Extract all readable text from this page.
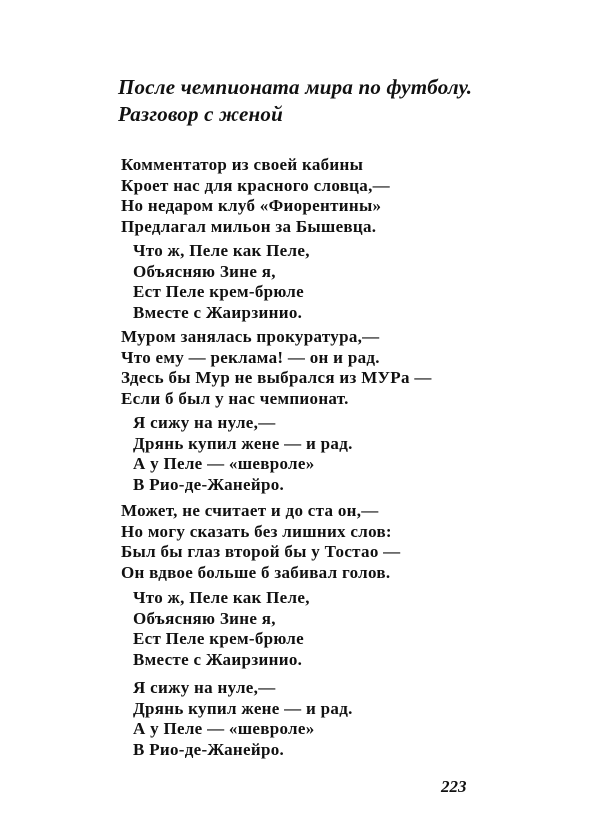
После чемпионата мира по футболу.
Разговор с женой
Комментатор из своей кабины
Кроет нас для красного словца,—
Но недаром клуб «Фиорентины»
Предлагал мильон за Бышевца.
Что ж, Пеле как Пеле,
Объясняю Зине я,
Ест Пеле крем-брюле
Вместе с Жаирзинио.
Муром занялась прокуратура,—
Что ему — реклама! — он и рад.
Здесь бы Мур не выбрался из МУРа —
Если б был у нас чемпионат.
Я сижу на нуле,—
Дрянь купил жене — и рад.
А у Пеле — «шевроле»
В Рио-де-Жанейро.
Может, не считает и до ста он,—
Но могу сказать без лишних слов:
Был бы глаз второй бы у Тостао —
Он вдвое больше б забивал голов.
Что ж, Пеле как Пеле,
Объясняю Зине я,
Ест Пеле крем-брюле
Вместе с Жаирзинио.
Я сижу на нуле,—
Дрянь купил жене — и рад.
А у Пеле — «шевроле»
В Рио-де-Жанейро.
223
